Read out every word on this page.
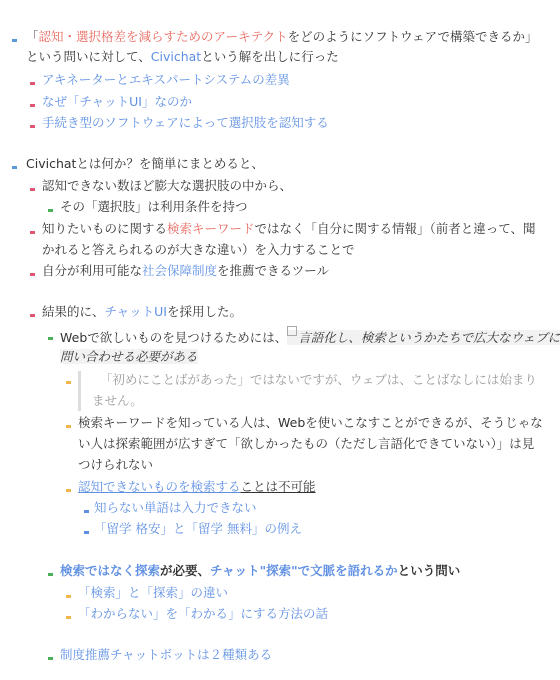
「認知・選択格差を減らすためのアーキテクトをどのようにソフトウェアで構築できるか」
という問いに対して、Civichatという解を出しに行った
アキネーターとエキスパートシステムの差異
なぜ「チャットUI」なのか
手続き型のソフトウェアによって選択肢を認知する
Civichatとは何か？を簡単にまとめると、
認知できない数ほど膨大な選択肢の中から、
その「選択肢」は利用条件を持つ
知りたいものに関する検索キーワードではなく「自分に関する情報」（前者と違って、聞
かれると答えられるのが大きな違い）を入力することで
自分が利用可能な社会保障制度を推薦できるツール
結果的に、チャットUIを採用した。
Webで欲しいものを見つけるためには、 言語化し、検索というかたちで広大なウェブに
問い合わせる必要がある
「初めにことばがあった」ではないですが、ウェブは、ことばなしには始まり
ません。
検索キーワードを知っている人は、Webを使いこなすことができるが、そうじゃな
い人は探索範囲が広すぎて「欲しかったもの（ただし言語化できていない）」は見
つけられない
認知できないものを検索することは不可能
知らない単語は入力できない
「留学 格安」と「留学 無料」の例え
検索ではなく探索が必要、チャット"探索"で文脈を語れるかという問い
「検索」と「探索」の違い
「わからない」を「わかる」にする方法の話
制度推薦チャットボットは２種類ある
